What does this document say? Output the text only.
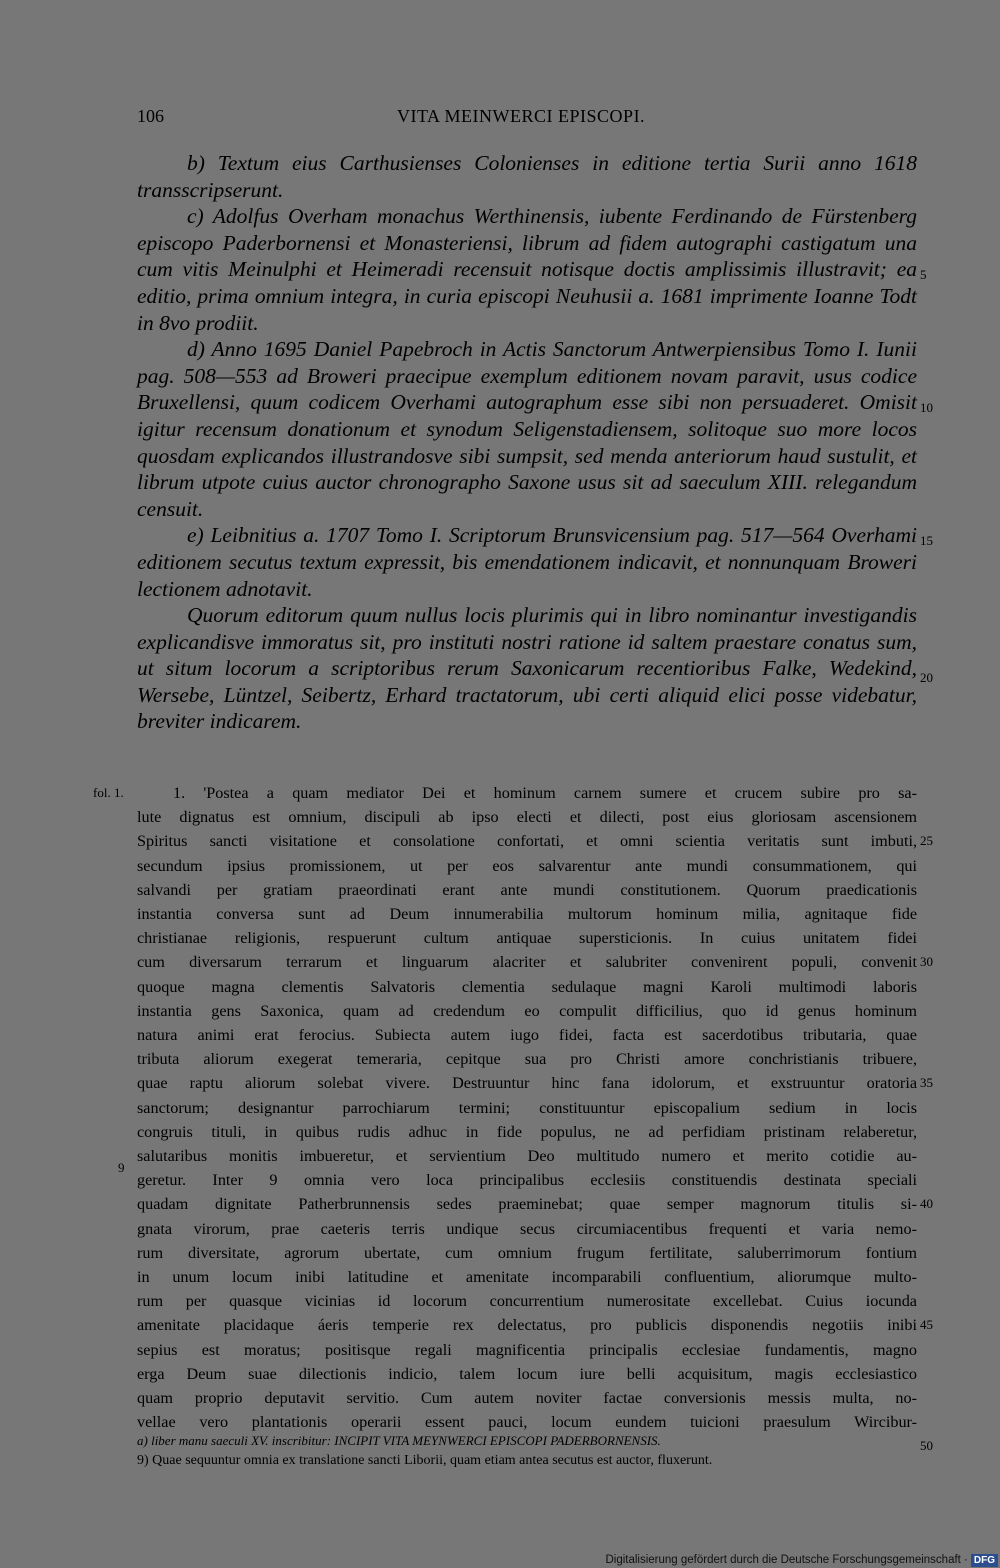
106	VITA MEINWERCI EPISCOPI.

b) Textum eius Carthusienses Colonienses in editione tertia Surii anno 1618 transscripserunt.

c) Adolfus Overham monachus Werthinensis, iubente Ferdinando de Fürstenberg episcopo Paderbornensi et Monasteriensi, librum ad fidem autographi castigatum una cum vitis Meinulphi et Heimeradi recensuit notisque doctis amplissimis illustravit; ea editio, prima omnium integra, in curia episcopi Neuhusii a. 1681 imprimente Ioanne Todt in 8vo prodiit.

d) Anno 1695 Daniel Papebroch in Actis Sanctorum Antwerpiensibus Tomo I. Iunii pag. 508—553 ad Broweri praecipue exemplum editionem novam paravit, usus codice Bruxellensi, quum codicem Overhami autographum esse sibi non persuaderet. Omisit igitur recensum donationum et synodum Seligenstadiensem, solitoque suo more locos quosdam explicandos illustrandosve sibi sumpsit, sed menda anteriorum haud sustulit, et librum utpote cuius auctor chronographo Saxone usus sit ad saeculum XIII. relegandum censuit.

e) Leibnitius a. 1707 Tomo I. Scriptorum Brunsvicensium pag. 517—564 Overhami editionem secutus textum expressit, bis emendationem indicavit, et nonnunquam Broweri lectionem adnotavit.

Quorum editorum quum nullus locis plurimis qui in libro nominantur investigandis explicandisve immoratus sit, pro instituti nostri ratione id saltem praestare conatus sum, ut situm locorum a scriptoribus rerum Saxonicarum recentioribus Falke, Wedekind, Wersebe, Lüntzel, Seibertz, Erhard tractatorum, ubi certi aliquid elici posse videbatur, breviter indicarem.

1. 'Postea a quam mediator Dei et hominum carnem sumere et crucem subire pro sa-
lute dignatus est omnium, discipuli ab ipso electi et dilecti, post eius gloriosam ascensionem
Spiritus sancti visitatione et consolatione confortati, et omni scientia veritatis sunt imbuti,
secundum ipsius promissionem, ut per eos salvarentur ante mundi consummationem, qui
salvandi per gratiam praeordinati erant ante mundi constitutionem. Quorum praedicationis
instantia conversa sunt ad Deum innumerabilia multorum hominum milia, agnitaque fide
christianae religionis, respuerunt cultum antiquae supersticionis. In cuius unitatem fidei
cum diversarum terrarum et linguarum alacriter et salubriter convenirent populi, convenit
quoque magna clementis Salvatoris clementia sedulaque magni Karoli multimodi laboris
instantia gens Saxonica, quam ad credendum eo compulit difficilius, quo id genus hominum
natura animi erat ferocius. Subiecta autem iugo fidei, facta est sacerdotibus tributaria, quae
tributa aliorum exegerat temeraria, cepitque sua pro Christi amore conchristianis tribuere,
quae raptu aliorum solebat vivere. Destruuntur hinc fana idolorum, et exstruuntur oratoria
sanctorum; designantur parrochiarum termini; constituuntur episcopalium sedium in locis
congruis tituli, in quibus rudis adhuc in fide populus, ne ad perfidiam pristinam relaberetur,
salutaribus monitis imbueretur, et servientium Deo multitudo numero et merito cotidie au-
geretur. Inter 9 omnia vero loca principalibus ecclesiis constituendis destinata speciali
quadam dignitate Patherbrunnensis sedes praeminebat; quae semper magnorum titulis si-
gnata virorum, prae caeteris terris undique secus circumiacentibus frequenti et varia nemo-
rum diversitate, agrorum ubertate, cum omnium frugum fertilitate, saluberrimorum fontium
in unum locum inibi latitudine et amenitate incomparabili confluentium, aliorumque multo-
rum per quasque vicinias id locorum concurrentium numerositate excellebat. Cuius iocunda
amenitate placidaque áeris temperie rex delectatus, pro publicis disponendis negotiis inibi
sepius est moratus; positisque regali magnificentia principalis ecclesiae fundamentis, magno
erga Deum suae dilectionis indicio, talem locum iure belli acquisitum, magis ecclesiastico
quam proprio deputavit servitio. Cum autem noviter factae conversionis messis multa, no-
vellae vero plantationis operarii essent pauci, locum eundem tuicioni praesulum Wircibur-

a) liber manu saeculi XV. inscribitur: INCIPIT VITA MEYNWERCI EPISCOPI PADERBORNENSIS.
9) Quae sequuntur omnia ex translatione sancti Liborii, quam etiam antea secutus est auctor, fluxerunt.
fol. 1.
9
5
10
15
20
25
30
35
40
45
50
Digitalisierung gefördert durch die Deutsche Forschungsgemeinschaft · DFG
